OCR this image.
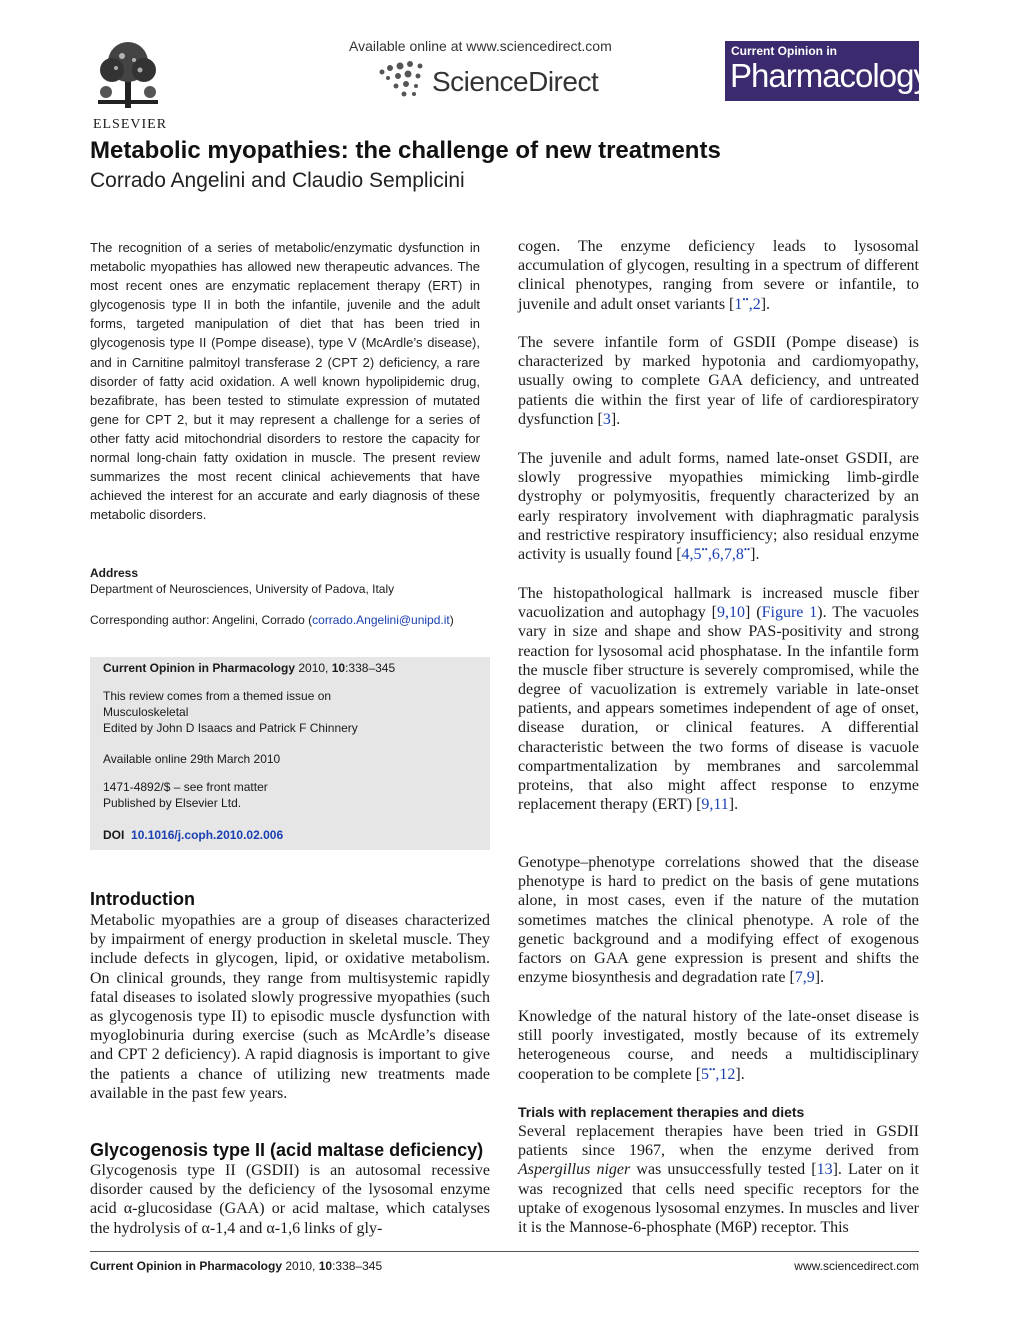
ELSEVIER
Available online at www.sciencedirect.com
ScienceDirect
Current Opinion in
Pharmacology
Metabolic myopathies: the challenge of new treatments
Corrado Angelini and Claudio Semplicini
The recognition of a series of metabolic/enzymatic dysfunction in metabolic myopathies has allowed new therapeutic advances. The most recent ones are enzymatic replacement therapy (ERT) in glycogenosis type II in both the infantile, juvenile and the adult forms, targeted manipulation of diet that has been tried in glycogenosis type II (Pompe disease), type V (McArdle’s disease), and in Carnitine palmitoyl transferase 2 (CPT 2) deficiency, a rare disorder of fatty acid oxidation. A well known hypolipidemic drug, bezafibrate, has been tested to stimulate expression of mutated gene for CPT 2, but it may represent a challenge for a series of other fatty acid mitochondrial disorders to restore the capacity for normal long-chain fatty oxidation in muscle. The present review summarizes the most recent clinical achievements that have achieved the interest for an accurate and early diagnosis of these metabolic disorders.
Address
Department of Neurosciences, University of Padova, Italy
Corresponding author: Angelini, Corrado (corrado.Angelini@unipd.it)
Current Opinion in Pharmacology 2010, 10:338–345
This review comes from a themed issue on
Musculoskeletal
Edited by John D Isaacs and Patrick F Chinnery
Available online 29th March 2010
1471-4892/$ – see front matter
Published by Elsevier Ltd.
DOI 10.1016/j.coph.2010.02.006
Introduction
Metabolic myopathies are a group of diseases characterized by impairment of energy production in skeletal muscle. They include defects in glycogen, lipid, or oxidative metabolism. On clinical grounds, they range from multisystemic rapidly fatal diseases to isolated slowly progressive myopathies (such as glycogenosis type II) to episodic muscle dysfunction with myoglobinuria during exercise (such as McArdle’s disease and CPT 2 deficiency). A rapid diagnosis is important to give the patients a chance of utilizing new treatments made available in the past few years.
Glycogenosis type II (acid maltase deficiency)
Glycogenosis type II (GSDII) is an autosomal recessive disorder caused by the deficiency of the lysosomal enzyme acid α-glucosidase (GAA) or acid maltase, which catalyses the hydrolysis of α-1,4 and α-1,6 links of gly-
cogen. The enzyme deficiency leads to lysosomal accumulation of glycogen, resulting in a spectrum of different clinical phenotypes, ranging from severe or infantile, to juvenile and adult onset variants [1••,2].
The severe infantile form of GSDII (Pompe disease) is characterized by marked hypotonia and cardiomyopathy, usually owing to complete GAA deficiency, and untreated patients die within the first year of life of cardiorespiratory dysfunction [3].
The juvenile and adult forms, named late-onset GSDII, are slowly progressive myopathies mimicking limb-girdle dystrophy or polymyositis, frequently characterized by an early respiratory involvement with diaphragmatic paralysis and restrictive respiratory insufficiency; also residual enzyme activity is usually found [4,5••,6,7,8••].
The histopathological hallmark is increased muscle fiber vacuolization and autophagy [9,10] (Figure 1). The vacuoles vary in size and shape and show PAS-positivity and strong reaction for lysosomal acid phosphatase. In the infantile form the muscle fiber structure is severely compromised, while the degree of vacuolization is extremely variable in late-onset patients, and appears sometimes independent of age of onset, disease duration, or clinical features. A differential characteristic between the two forms of disease is vacuole compartmentalization by membranes and sarcolemmal proteins, that also might affect response to enzyme replacement therapy (ERT) [9,11].
Genotype–phenotype correlations showed that the disease phenotype is hard to predict on the basis of gene mutations alone, in most cases, even if the nature of the mutation sometimes matches the clinical phenotype. A role of the genetic background and a modifying effect of exogenous factors on GAA gene expression is present and shifts the enzyme biosynthesis and degradation rate [7,9].
Knowledge of the natural history of the late-onset disease is still poorly investigated, mostly because of its extremely heterogeneous course, and needs a multidisciplinary cooperation to be complete [5••,12].
Trials with replacement therapies and diets
Several replacement therapies have been tried in GSDII patients since 1967, when the enzyme derived from Aspergillus niger was unsuccessfully tested [13]. Later on it was recognized that cells need specific receptors for the uptake of exogenous lysosomal enzymes. In muscles and liver it is the Mannose-6-phosphate (M6P) receptor. This
Current Opinion in Pharmacology 2010, 10:338–345	www.sciencedirect.com
